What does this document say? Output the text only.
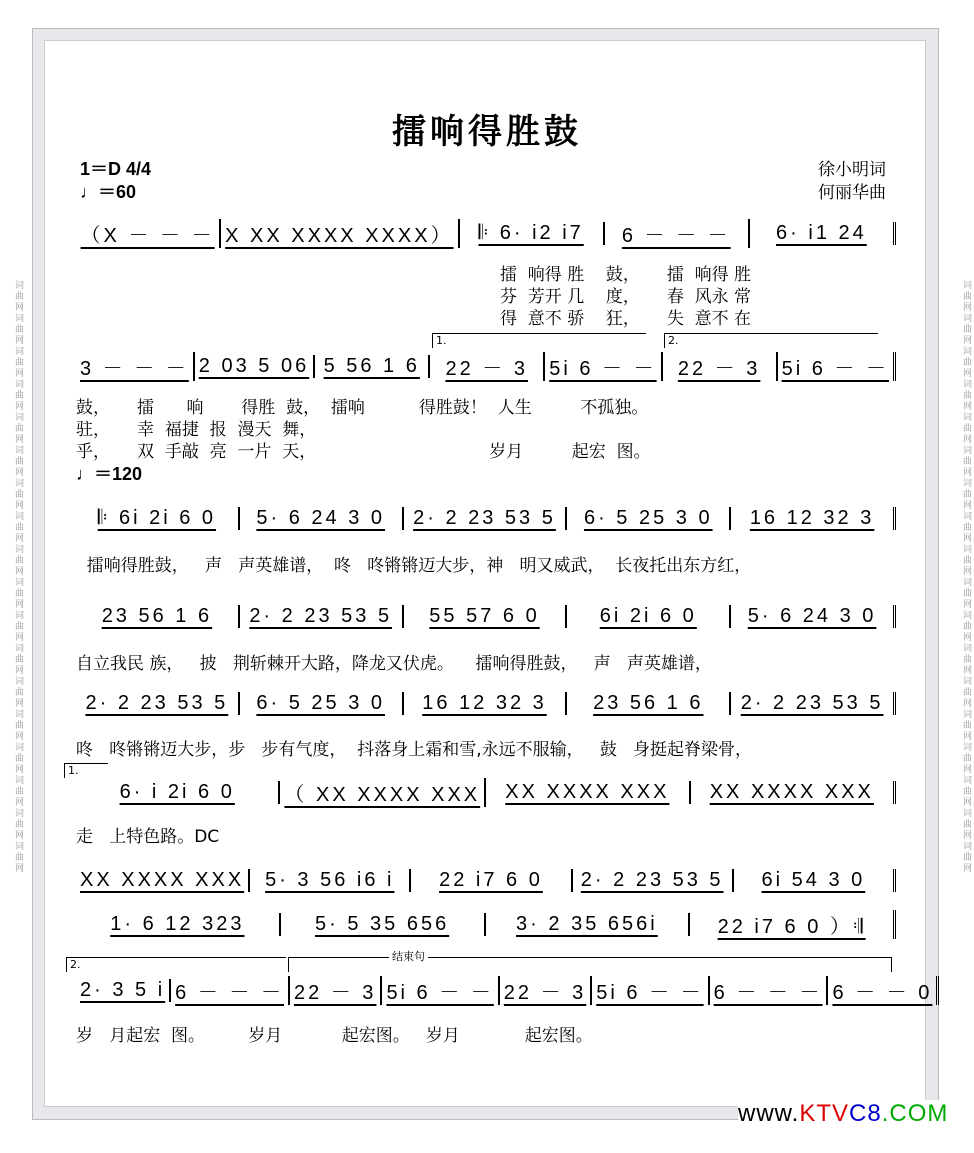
词曲网词曲网词曲网词曲网词曲网词曲网词曲网词曲网词曲网词曲网词曲网词曲网词曲网词曲网词曲网词曲网词曲网词曲网	词曲网词曲网词曲网词曲网词曲网词曲网词曲网词曲网词曲网词曲网词曲网词曲网词曲网词曲网词曲网词曲网词曲网词曲网
擂响得胜鼓
1＝D 4/4
♩＝60
徐小明词
何丽华曲
（X － － － X XX XXXX XXXX）	𝄆 6· i2 i7	6 － － －	6· i1 24
3 － － － 2 03 5 06 5 56 1 6	22 － 3	5i 6 － －	22 － 3	5i 6 － －
𝄆 6i 2i 6 0	5· 6 24 3 0	2· 2 23 53 5	6· 5 25 3 0	16 12 32 3
23 56 1 6	2· 2 23 53 5	55 57 6 0	6i 2i 6 0	5· 6 24 3 0
2· 2 23 53 5	6· 5 25 3 0	16 12 32 3	23 56 1 6	2· 2 23 53 5
6· i 2i 6 0	（ XX XXXX XXX	XX XXXX XXX	XX XXXX XXX
XX XXXX XXX	5· 3 56 i6 i	22 i7 6 0	2· 2 23 53 5	6i 54 3 0
1· 6 12 323	5· 5 35 656	3· 2 35 656i	22 i7 6 0 ）𝄇
2· 3 5 i 6 － － － 22 － 3 5i 6 － － 22 － 3 5i 6 － － 6 － － － 6 － － 0
擂  响得 胜    鼓，     擂  响得 胜
芬  芳开 几    度，     春  风永 常
得  意不 骄    狂，     失  意不 在
鼓，     擂      响       得胜  鼓，  擂响          得胜鼓！  人生         不孤独。
驻，     幸  福捷  报  漫天  舞，
乎，     双  手敲  亮  一片  天，                                岁月         起宏  图。
♩＝120
擂响得胜鼓，   声   声英雄谱，  咚   咚锵锵迈大步，神   明又威武，  长夜托出东方红，
自立我民 族，   披   荆斩棘开大路，降龙又伏虎。    擂响得胜鼓，   声   声英雄谱，
咚   咚锵锵迈大步，步   步有气度，  抖落身上霜和雪,永远不服输，   鼓   身挺起脊梁骨，
走   上特色路。DC
岁   月起宏  图。        岁月           起宏图。   岁月            起宏图。
1.	2.
1.
2.
结束句
www.KTVC8.COM
